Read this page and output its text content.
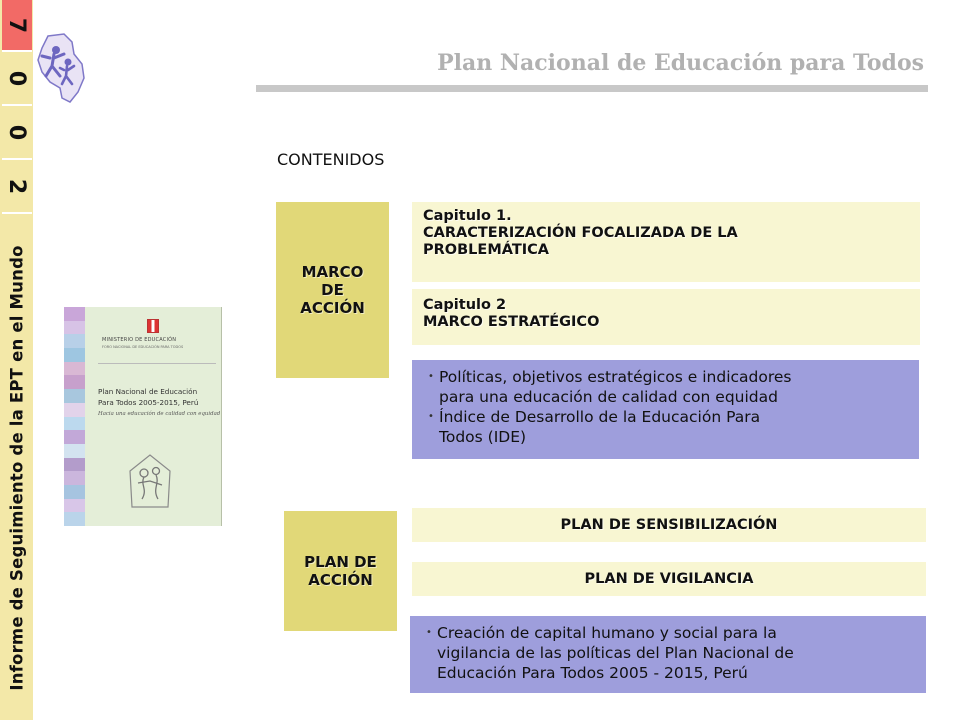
7
0
0
2
Informe de Seguimiento de la EPT en el Mundo
Plan Nacional de Educación para Todos
CONTENIDOS
MINISTERIO DE EDUCACIÓN
FORO NACIONAL DE EDUCACIÓN PARA TODOS
Plan Nacional de Educación
Para Todos 2005-2015, Perú
Hacia una educación de calidad con equidad
MARCO
DE
ACCIÓN
Capitulo 1.
CARACTERIZACIÓN FOCALIZADA DE LA
PROBLEMÁTICA
Capitulo 2
MARCO ESTRATÉGICO
• Políticas, objetivos estratégicos e indicadores
para una educación de calidad con equidad
• Índice de Desarrollo de la Educación Para
Todos (IDE)
PLAN DE
ACCIÓN
PLAN DE SENSIBILIZACIÓN
PLAN DE VIGILANCIA
• Creación de capital humano y social para la
vigilancia de las políticas del Plan Nacional de
Educación Para Todos 2005 - 2015, Perú
